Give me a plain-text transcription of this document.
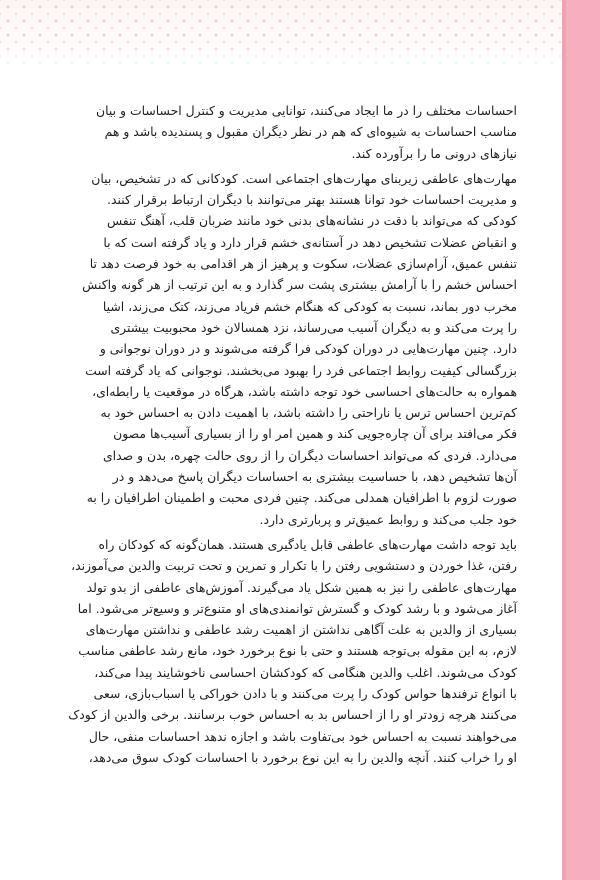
احساسات مختلف را در ما ایجاد می‌کنند، توانایی مدیریت و کنترل احساسات و بیان
مناسب احساسات به شیوه‌ای که هم در نظر دیگران مقبول و پسندیده باشد و هم
نیازهای درونی ما را برآورده کند.

مهارت‌های عاطفی زیربنای مهارت‌های اجتماعی است. کودکانی که در تشخیص، بیان
و مدیریت احساسات خود توانا هستند بهتر می‌توانند با دیگران ارتباط برقرار کنند.
کودکی که می‌تواند با دقت در نشانه‌های بدنی خود مانند ضربان قلب، آهنگ تنفس
و انقباض عضلات تشخیص دهد در آستانه‌ی خشم قرار دارد و یاد گرفته است که با
تنفس عمیق، آرام‌سازی عضلات، سکوت و پرهیز از هر اقدامی به خود فرصت دهد تا
احساس خشم را با آرامش بیشتری پشت سر گذارد و به این ترتیب از هر گونه واکنش
مخرب دور بماند، نسبت به کودکی که هنگام خشم فریاد می‌زند، کتک می‌زند، اشیا
را پرت می‌کند و به دیگران آسیب می‌رساند، نزد همسالان خود محبوبیت بیشتری
دارد. چنین مهارت‌هایی در دوران کودکی فرا گرفته می‌شوند و در دوران نوجوانی و
بزرگسالی کیفیت روابط اجتماعی فرد را بهبود می‌بخشند. نوجوانی که یاد گرفته است
همواره به حالت‌های احساسی خود توجه داشته باشد، هرگاه در موقعیت یا رابطه‌ای،
کم‌ترین احساس ترس یا ناراحتی را داشته باشد، با اهمیت دادن به احساس خود به
فکر می‌افتد برای آن چاره‌جویی کند و همین امر او را از بسیاری آسیب‌ها مصون
می‌دارد. فردی که می‌تواند احساسات دیگران را از روی حالت چهره، بدن و صدای
آن‌ها تشخیص دهد، با حساسیت بیشتری به احساسات دیگران پاسخ می‌دهد و در
صورت لزوم با اطرافیان همدلی می‌کند. چنین فردی محبت و اطمینان اطرافیان را به
خود جلب می‌کند و روابط عمیق‌تر و پربارتری دارد.

باید توجه داشت مهارت‌های عاطفی قابل یادگیری هستند. همان‌گونه که کودکان راه
رفتن، غذا خوردن و دستشویی رفتن را با تکرار و تمرین و تحت تربیت والدین می‌آموزند،
مهارت‌های عاطفی را نیز به همین شکل یاد می‌گیرند. آموزش‌های عاطفی از بدو تولد
آغاز می‌شود و با رشد کودک و گسترش توانمندی‌های او متنوع‌تر و وسیع‌تر می‌شود. اما
بسیاری از والدین به علت آگاهی نداشتن از اهمیت رشد عاطفی و نداشتن مهارت‌های
لازم، به این مقوله بی‌توجه هستند و حتی با نوع برخورد خود، مانع رشد عاطفی مناسب
کودک می‌شوند. اغلب والدین هنگامی که کودکشان احساسی ناخوشایند پیدا می‌کند،
با انواع ترفندها حواس کودک را پرت می‌کنند و با دادن خوراکی یا اسباب‌بازی، سعی
می‌کنند هرچه زودتر او را از احساس بد به احساس خوب برسانند. برخی والدین از کودک
می‌خواهند نسبت به احساس خود بی‌تفاوت باشد و اجازه ندهد احساسات منفی، حال
او را خراب کنند. آنچه والدین را به این نوع برخورد با احساسات کودک سوق می‌دهد،
